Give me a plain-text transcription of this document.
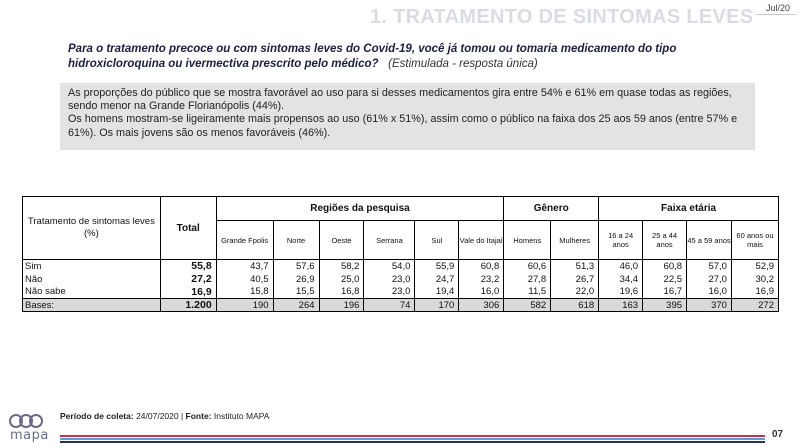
Jul/20
1. TRATAMENTO DE SINTOMAS LEVES
Para o tratamento precoce ou com sintomas leves do Covid-19, você já tomou ou tomaria medicamento do tipo hidroxicloroquina ou ivermectiva prescrito pelo médico? (Estimulada - resposta única)

As proporções do público que se mostra favorável ao uso para si desses medicamentos gira entre 54% e 61% em quase todas as regiões, sendo menor na Grande Florianópolis (44%).

Os homens mostram-se ligeiramente mais propensos ao uso (61% x 51%), assim como o público na faixa dos 25 aos 59 anos (entre 57% e 61%). Os mais jovens são os menos favoráveis (46%).

Tratamento de sintomas leves (%)	Total	Regiões da pesquisa						Gênero		Faixa etária			
		Grande Fpolis	Norte	Oeste	Serrana	Sul	Vale do Itajaí	Homens	Mulheres	16 a 24 anos	25 a 44 anos	45 a 59 anos	60 anos ou mais
Sim	55,8	43,7	57,6	58,2	54,0	55,9	60,8	60,6	51,3	46,0	60,8	57,0	52,9
Não	27,2	40,5	26,9	25,0	23,0	24,7	23,2	27,8	26,7	34,4	22,5	27,0	30,2
Não sabe	16,9	15,8	15,5	16,8	23,0	19,4	16,0	11,5	22,0	19,6	16,7	16,0	16,9
Bases:	1.200	190	264	196	74	170	306	582	618	163	395	370	272
Período de coleta: 24/07/2020 | Fonte: Instituto MAPA
mapa	07
